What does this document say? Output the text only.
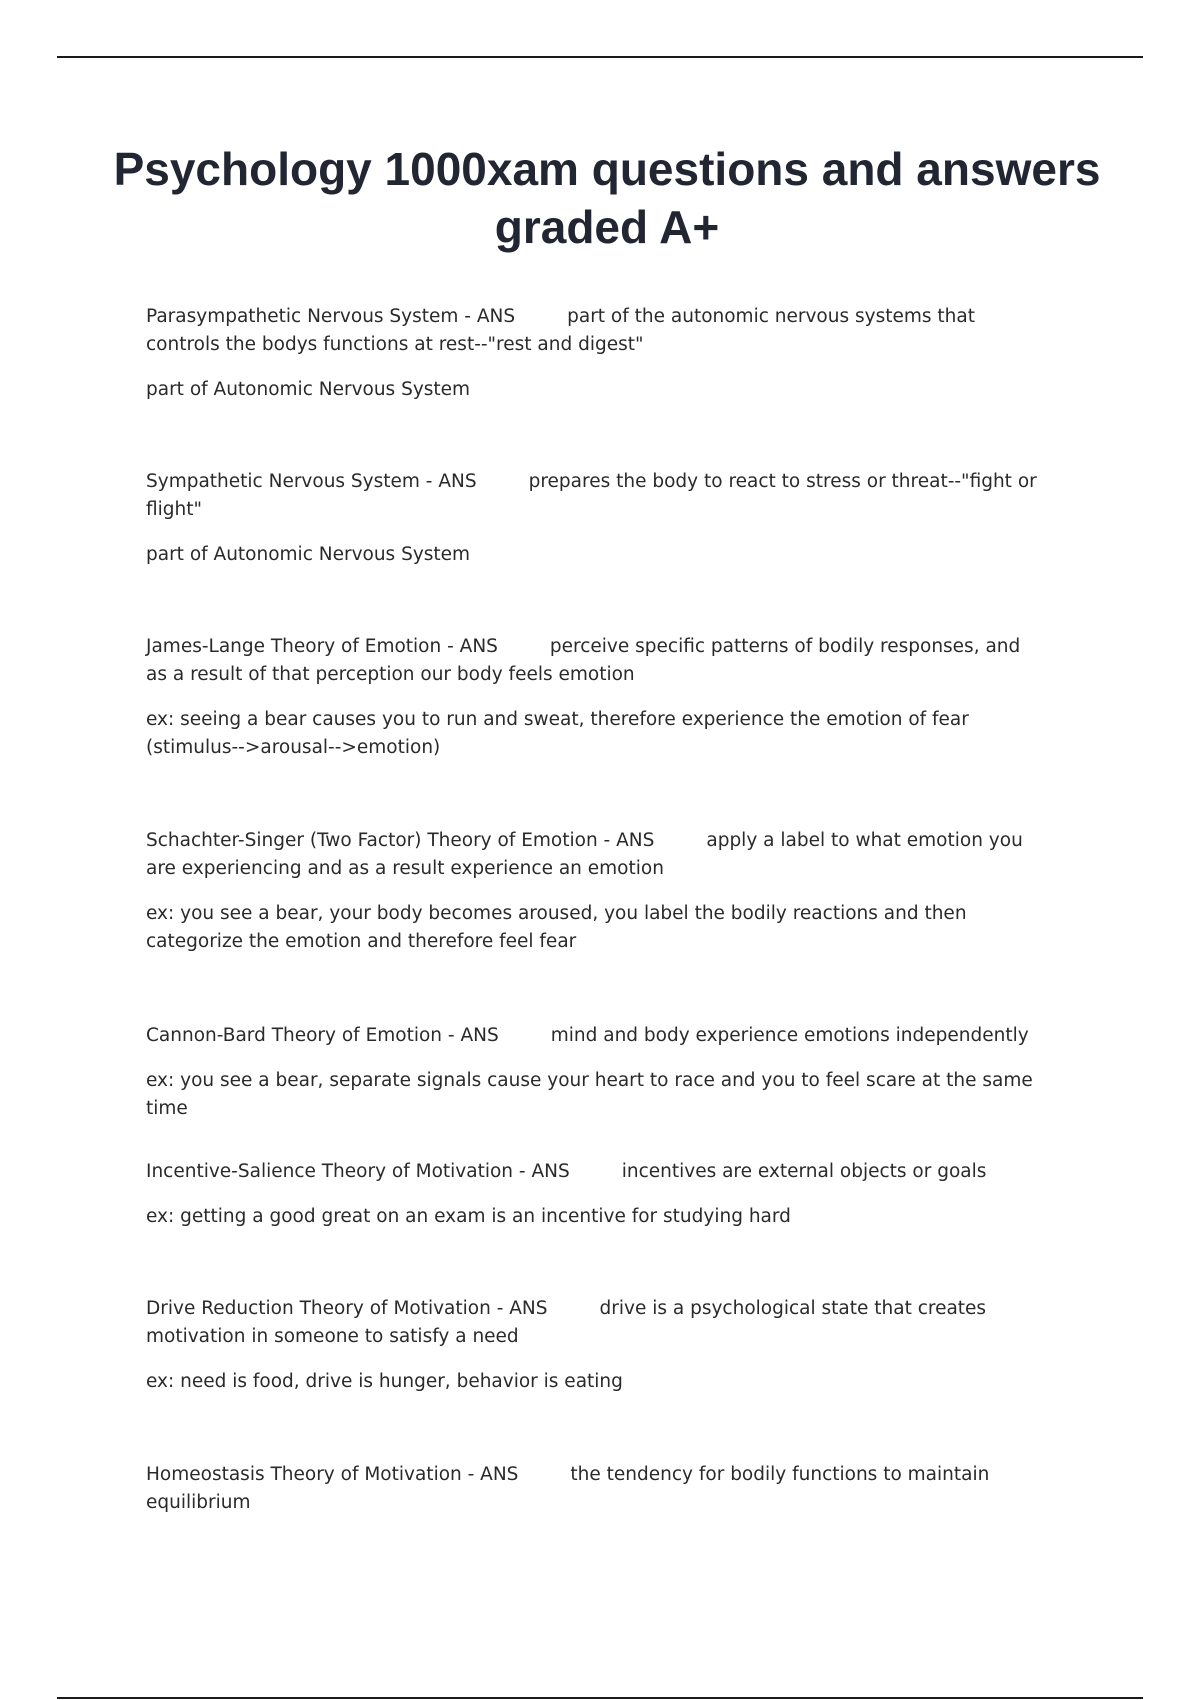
Psychology 1000xam questions and answers graded A+

Parasympathetic Nervous System - ANS	part of the autonomic nervous systems that controls the bodys functions at rest--"rest and digest"

part of Autonomic Nervous System

Sympathetic Nervous System - ANS	prepares the body to react to stress or threat--"fight or flight"

part of Autonomic Nervous System

James-Lange Theory of Emotion - ANS	perceive specific patterns of bodily responses, and as a result of that perception our body feels emotion

ex: seeing a bear causes you to run and sweat, therefore experience the emotion of fear (stimulus-->arousal-->emotion)

Schachter-Singer (Two Factor) Theory of Emotion - ANS	apply a label to what emotion you are experiencing and as a result experience an emotion

ex: you see a bear, your body becomes aroused, you label the bodily reactions and then categorize the emotion and therefore feel fear

Cannon-Bard Theory of Emotion - ANS	mind and body experience emotions independently

ex: you see a bear, separate signals cause your heart to race and you to feel scare at the same time

Incentive-Salience Theory of Motivation - ANS	incentives are external objects or goals

ex: getting a good great on an exam is an incentive for studying hard

Drive Reduction Theory of Motivation - ANS	drive is a psychological state that creates motivation in someone to satisfy a need

ex: need is food, drive is hunger, behavior is eating

Homeostasis Theory of Motivation - ANS	the tendency for bodily functions to maintain equilibrium
